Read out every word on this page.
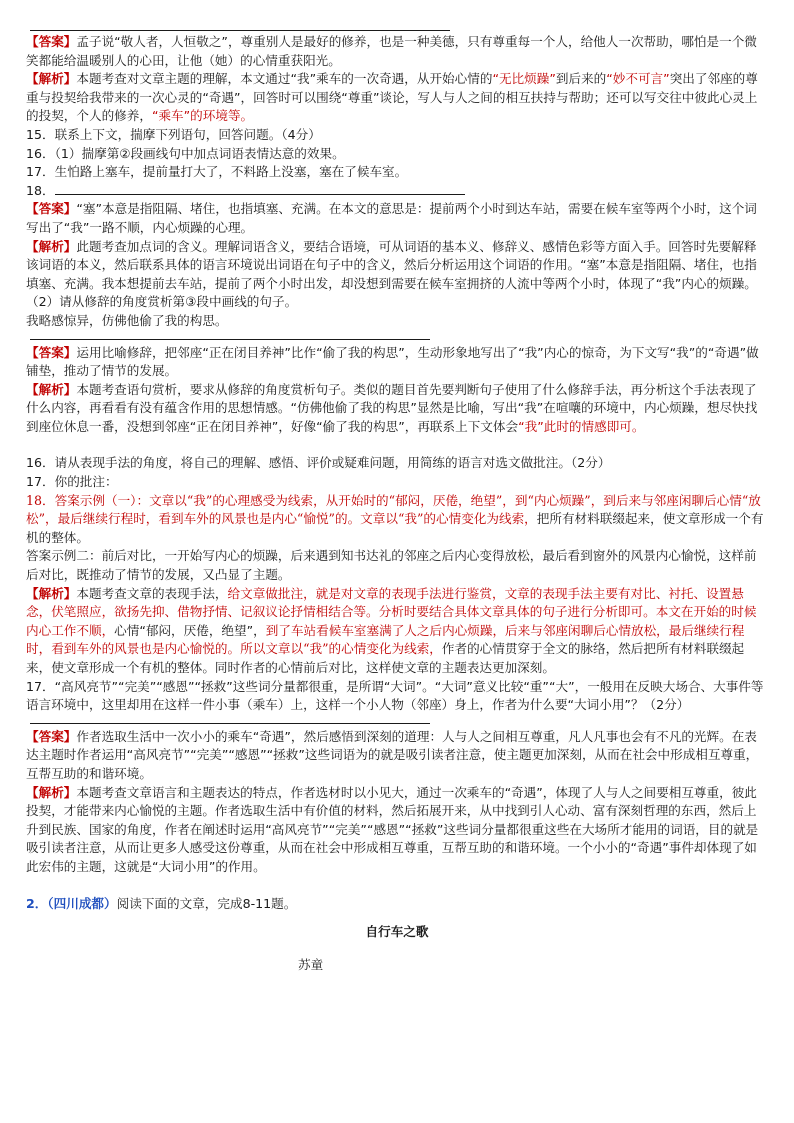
【答案】孟子说“敬人者，人恒敬之”，尊重别人是最好的修养，也是一种美德，只有尊重每一个人，给他人一次帮助，哪怕是一个微笑都能给温暖别人的心田，让他（她）的心情重获阳光。

【解析】本题考查对文章主题的理解，本文通过“我”乘车的一次奇遇，从开始心情的“无比烦躁”到后来的“妙不可言”突出了邻座的尊重与投契给我带来的一次心灵的“奇遇”，回答时可以围绕“尊重”谈论，写人与人之间的相互扶持与帮助；还可以写交往中彼此心灵上的投契，个人的修养，“乘车”的环境等。

15．联系上下文，揣摩下列语句，回答问题。（4分）

16．（1）揣摩第②段画线句中加点词语表情达意的效果。

17．生怕路上塞车，提前量打大了，不料路上没塞，塞在了候车室。

18．

【答案】“塞”本意是指阻隔、堵住，也指填塞、充满。在本文的意思是：提前两个小时到达车站，需要在候车室等两个小时，这个词写出了“我”一路不顺，内心烦躁的心理。

【解析】此题考查加点词的含义。理解词语含义，要结合语境，可从词语的基本义、修辞义、感情色彩等方面入手。回答时先要解释该词语的本义，然后联系具体的语言环境说出词语在句子中的含义，然后分析运用这个词语的作用。“塞”本意是指阻隔、堵住，也指填塞、充满。我本想提前去车站，提前了两个小时出发，却没想到需要在候车室拥挤的人流中等两个小时，体现了“我”内心的烦躁。

（2）请从修辞的角度赏析第③段中画线的句子。

我略感惊异，仿佛他偷了我的构思。

【答案】运用比喻修辞，把邻座“正在闭目养神”比作“偷了我的构思”，生动形象地写出了“我”内心的惊奇，为下文写“我”的“奇遇”做铺垫，推动了情节的发展。

【解析】本题考查语句赏析，要求从修辞的角度赏析句子。类似的题目首先要判断句子使用了什么修辞手法，再分析这个手法表现了什么内容，再看看有没有蕴含作用的思想情感。“仿佛他偷了我的构思”显然是比喻，写出“我”在喧嚷的环境中，内心烦躁，想尽快找到座位休息一番，没想到邻座“正在闭目养神”，好像“偷了我的构思”，再联系上下文体会“我”此时的情感即可。

16．请从表现手法的角度，将自己的理解、感悟、评价或疑难问题，用简练的语言对选文做批注。（2分）

17．你的批注：

18．答案示例（一）：文章以“我”的心理感受为线索，从开始时的“郁闷，厌倦，绝望”，到“内心烦躁”，到后来与邻座闲聊后心情“放松”，最后继续行程时，看到车外的风景也是内心“愉悦”的。文章以“我”的心情变化为线索，把所有材料联缀起来，使文章形成一个有机的整体。

答案示例二：前后对比，一开始写内心的烦躁，后来遇到知书达礼的邻座之后内心变得放松，最后看到窗外的风景内心愉悦，这样前后对比，既推动了情节的发展，又凸显了主题。

【解析】本题考查文章的表现手法，给文章做批注，就是对文章的表现手法进行鉴赏，文章的表现手法主要有对比、衬托、设置悬念，伏笔照应，欲扬先抑、借物抒情、记叙议论抒情相结合等。分析时要结合具体文章具体的句子进行分析即可。本文在开始的时候内心工作不顺，心情“郁闷，厌倦，绝望”，到了车站看候车室塞满了人之后内心烦躁，后来与邻座闲聊后心情放松，最后继续行程时，看到车外的风景也是内心愉悦的。所以文章以“我”的心情变化为线索，作者的心情贯穿于全文的脉络，然后把所有材料联缀起来，使文章形成一个有机的整体。同时作者的心情前后对比，这样使文章的主题表达更加深刻。

17．“高风亮节”“完美”“感恩”“拯救”这些词分量都很重，是所谓“大词”。“大词”意义比较“重”“大”，一般用在反映大场合、大事件等语言环境中，这里却用在这样一件小事（乘车）上，这样一个小人物（邻座）身上，作者为什么要“大词小用”？（2分）

【答案】作者选取生活中一次小小的乘车“奇遇”，然后感悟到深刻的道理：人与人之间相互尊重，凡人凡事也会有不凡的光辉。在表达主题时作者运用“高风亮节”“完美”“感恩”“拯救”这些词语为的就是吸引读者注意，使主题更加深刻，从而在社会中形成相互尊重，互帮互助的和谐环境。

【解析】本题考查文章语言和主题表达的特点，作者选材时以小见大，通过一次乘车的“奇遇”，体现了人与人之间要相互尊重，彼此投契，才能带来内心愉悦的主题。作者选取生活中有价值的材料，然后拓展开来，从中找到引人心动、富有深刻哲理的东西，然后上升到民族、国家的角度，作者在阐述时运用“高风亮节”“完美”“感恩”“拯救”这些词分量都很重这些在大场所才能用的词语，目的就是吸引读者注意，从而让更多人感受这份尊重，从而在社会中形成相互尊重，互帮互助的和谐环境。一个小小的“奇遇”事件却体现了如此宏伟的主题，这就是“大词小用”的作用。

2．（四川成都）阅读下面的文章，完成8-11题。

自行车之歌

苏童
